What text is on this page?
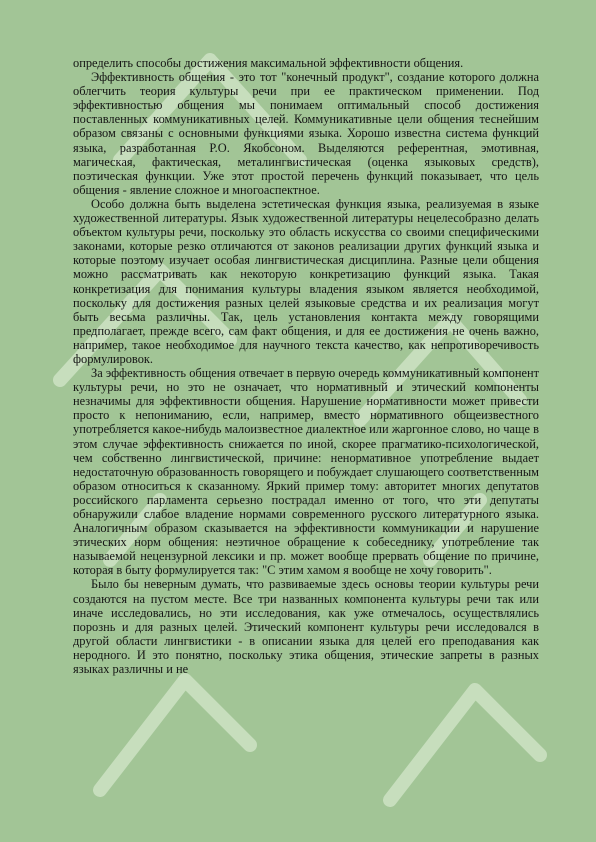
определить способы достижения максимальной эффективности общения.

Эффективность общения - это тот "конечный продукт", создание которого должна облегчить теория культуры речи при ее практическом применении. Под эффективностью общения мы понимаем оптимальный способ достижения поставленных коммуникативных целей. Коммуникативные цели общения теснейшим образом связаны с основными функциями языка. Хорошо известна система функций языка, разработанная Р.О. Якобсоном. Выделяются референтная, эмотивная, магическая, фактическая, металингвистическая (оценка языковых средств), поэтическая функции. Уже этот простой перечень функций показывает, что цель общения - явление сложное и многоаспектное.

Особо должна быть выделена эстетическая функция языка, реализуемая в языке художественной литературы. Язык художественной литературы нецелесобразно делать объектом культуры речи, поскольку это область искусства со своими специфическими законами, которые резко отличаются от законов реализации других функций языка и которые поэтому изучает особая лингвистическая дисциплина. Разные цели общения можно рассматривать как некоторую конкретизацию функций языка. Такая конкретизация для понимания культуры владения языком является необходимой, поскольку для достижения разных целей языковые средства и их реализация могут быть весьма различны. Так, цель установления контакта между говорящими предполагает, прежде всего, сам факт общения, и для ее достижения не очень важно, например, такое необходимое для научного текста качество, как непротиворечивость формулировок.

За эффективность общения отвечает в первую очередь коммуникативный компонент культуры речи, но это не означает, что нормативный и этический компоненты незначимы для эффективности общения. Нарушение нормативности может привести просто к непониманию, если, например, вместо нормативного общеизвестного употребляется какое-нибудь малоизвестное диалектное или жаргонное слово, но чаще в этом случае эффективность снижается по иной, скорее прагматико-психологической, чем собственно лингвистической, причине: ненормативное употребление выдает недостаточную образованность говорящего и побуждает слушающего соответственным образом относиться к сказанному. Яркий пример тому: авторитет многих депутатов российского парламента серьезно пострадал именно от того, что эти депутаты обнаружили слабое владение нормами современного русского литературного языка. Аналогичным образом сказывается на эффективности коммуникации и нарушение этических норм общения: неэтичное обращение к собеседнику, употребление так называемой нецензурной лексики и пр. может вообще прервать общение по причине, которая в быту формулируется так: "С этим хамом я вообще не хочу говорить".

Было бы неверным думать, что развиваемые здесь основы теории культуры речи создаются на пустом месте. Все три названных компонента культуры речи так или иначе исследовались, но эти исследования, как уже отмечалось, осуществлялись порознь и для разных целей. Этический компонент культуры речи исследовался в другой области лингвистики - в описании языка для целей его преподавания как неродного. И это понятно, поскольку этика общения, этические запреты в разных языках различны и не
